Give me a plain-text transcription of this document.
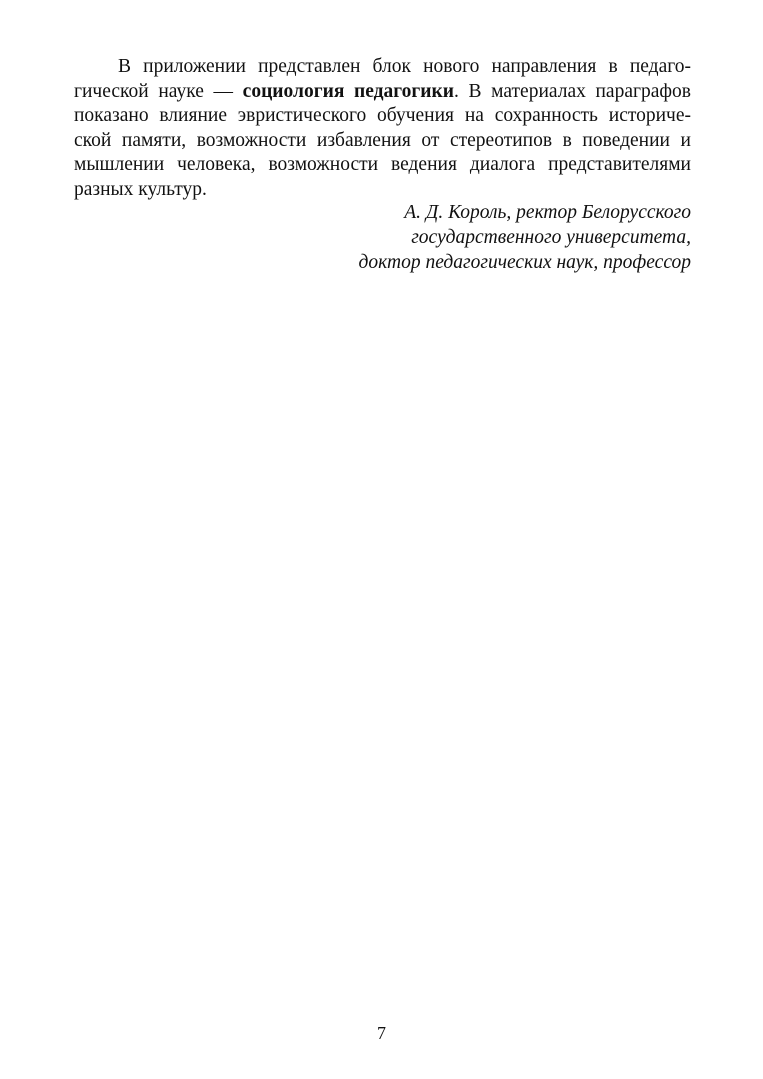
В приложении представлен блок нового направления в педаго-
гической науке — социология педагогики. В материалах параграфов
показано влияние эвристического обучения на сохранность историче-
ской памяти, возможности избавления от стереотипов в поведении и
мышлении человека, возможности ведения диалога представителями
разных культур.

А. Д. Король, ректор Белорусского
государственного университета,
доктор педагогических наук, профессор

7
